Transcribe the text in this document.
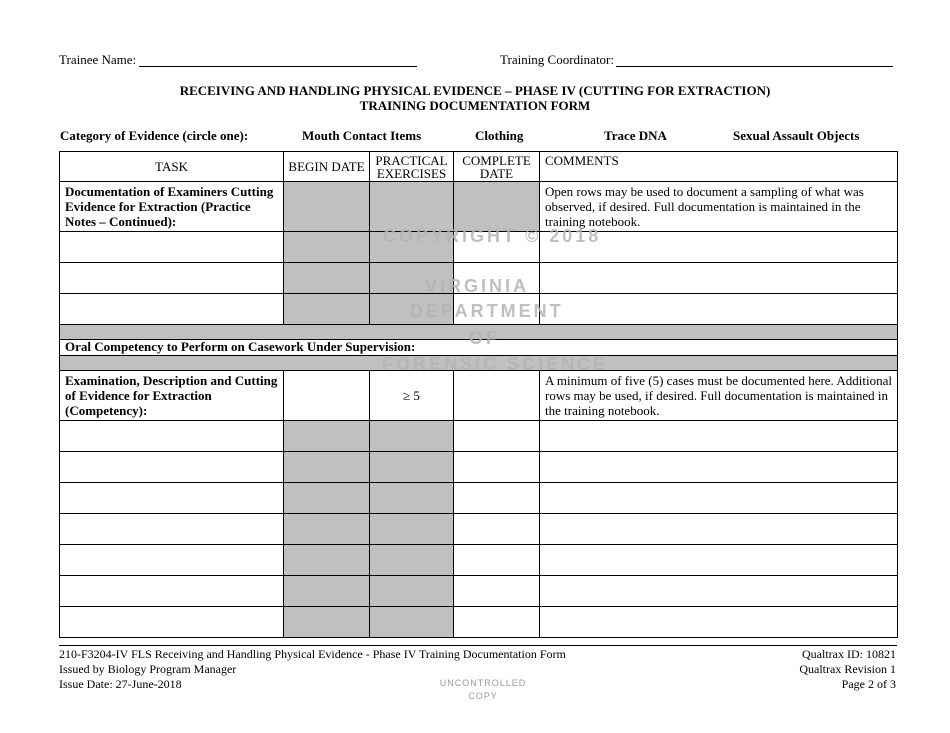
Trainee Name:	Training Coordinator:
RECEIVING AND HANDLING PHYSICAL EVIDENCE – PHASE IV (CUTTING FOR EXTRACTION)
TRAINING DOCUMENTATION FORM
Category of Evidence (circle one):	Mouth Contact Items	Clothing	Trace DNA	Sexual Assault Objects
TASK	BEGIN DATE	PRACTICAL EXERCISES	COMPLETE DATE	COMMENTS
Documentation of Examiners Cutting Evidence for Extraction (Practice Notes – Continued):				Open rows may be used to document a sampling of what was observed, if desired. Full documentation is maintained in the training notebook.

Oral Competency to Perform on Casework Under Supervision:				

Examination, Description and Cutting of Evidence for Extraction (Competency):		≥ 5		A minimum of five (5) cases must be documented here. Additional rows may be used, if desired. Full documentation is maintained in the training notebook.

COPYRIGHT © 2018
VIRGINIA
DEPARTMENT
OF
FORENSIC SCIENCE
210-F3204-IV FLS Receiving and Handling Physical Evidence - Phase IV Training Documentation Form
Issued by Biology Program Manager
Issue Date: 27-June-2018
Qualtrax ID: 10821
Qualtrax Revision 1
Page 2 of 3
UNCONTROLLED
COPY
